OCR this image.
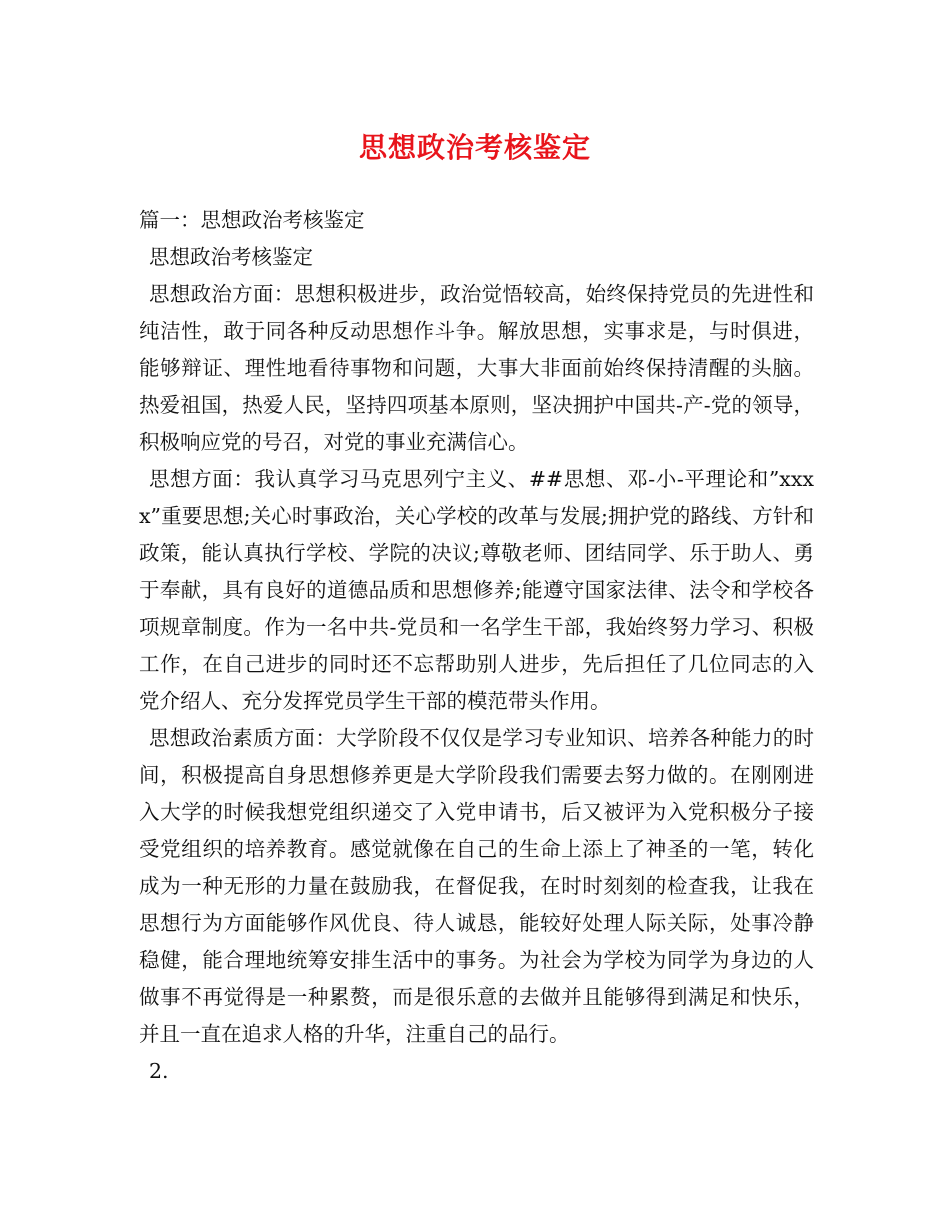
思想政治考核鉴定

篇一：思想政治考核鉴定

思想政治考核鉴定

思想政治方面：思想积极进步，政治觉悟较高，始终保持党员的先进性和纯洁性，敢于同各种反动思想作斗争。解放思想，实事求是，与时俱进，能够辩证、理性地看待事物和问题，大事大非面前始终保持清醒的头脑。热爱祖国，热爱人民，坚持四项基本原则，坚决拥护中国共-产-党的领导，积极响应党的号召，对党的事业充满信心。

思想方面：我认真学习马克思列宁主义、##思想、邓-小-平理论和”xxxx”重要思想;关心时事政治，关心学校的改革与发展;拥护党的路线、方针和政策，能认真执行学校、学院的决议;尊敬老师、团结同学、乐于助人、勇于奉献，具有良好的道德品质和思想修养;能遵守国家法律、法令和学校各项规章制度。作为一名中共-党员和一名学生干部，我始终努力学习、积极工作，在自己进步的同时还不忘帮助别人进步，先后担任了几位同志的入党介绍人、充分发挥党员学生干部的模范带头作用。

思想政治素质方面：大学阶段不仅仅是学习专业知识、培养各种能力的时间，积极提高自身思想修养更是大学阶段我们需要去努力做的。在刚刚进入大学的时候我想党组织递交了入党申请书，后又被评为入党积极分子接受党组织的培养教育。感觉就像在自己的生命上添上了神圣的一笔，转化成为一种无形的力量在鼓励我，在督促我，在时时刻刻的检查我，让我在思想行为方面能够作风优良、待人诚恳，能较好处理人际关际，处事冷静稳健，能合理地统筹安排生活中的事务。为社会为学校为同学为身边的人做事不再觉得是一种累赘，而是很乐意的去做并且能够得到满足和快乐，并且一直在追求人格的升华，注重自己的品行。

2.
